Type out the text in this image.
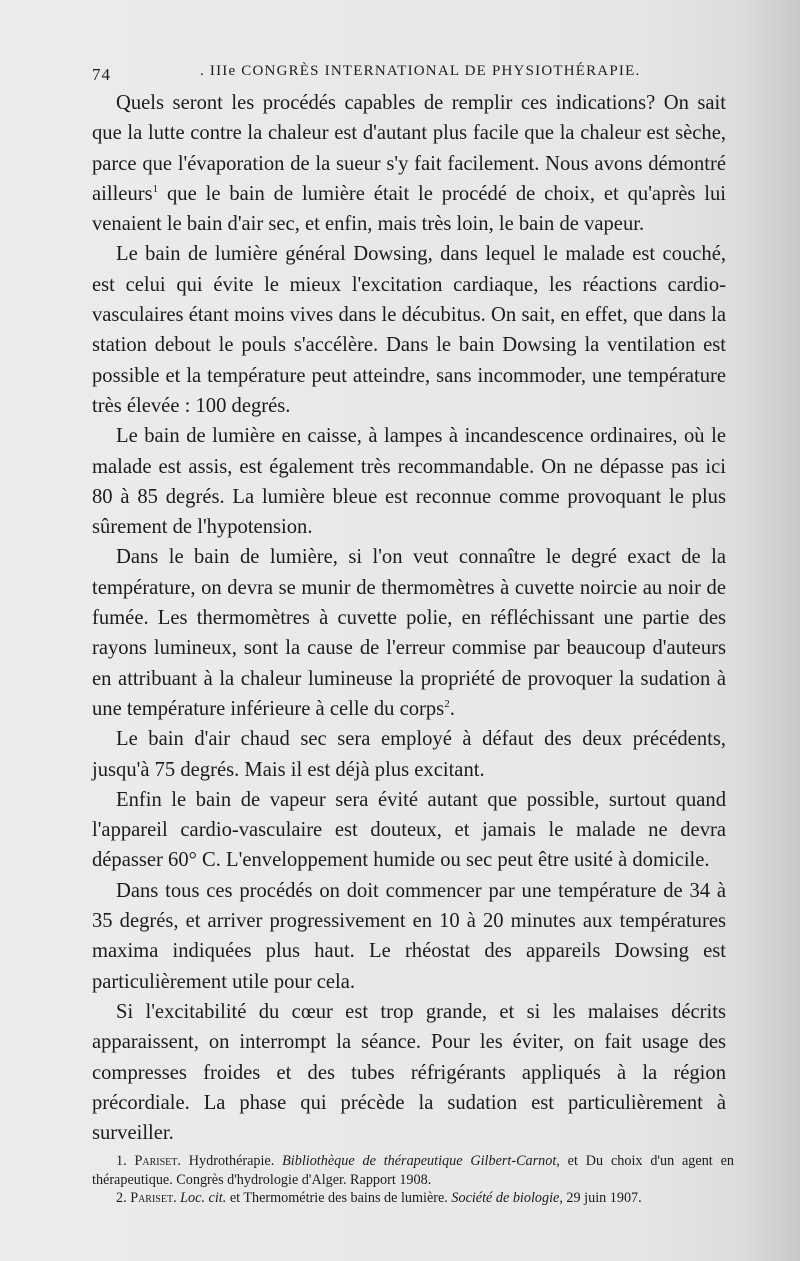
74	. IIIe CONGRÈS INTERNATIONAL DE PHYSIOTHÉRAPIE.

Quels seront les procédés capables de remplir ces indications? On sait que la lutte contre la chaleur est d'autant plus facile que la chaleur est sèche, parce que l'évaporation de la sueur s'y fait facilement. Nous avons démontré ailleurs$^1$ que le bain de lumière était le procédé de choix, et qu'après lui venaient le bain d'air sec, et enfin, mais très loin, le bain de vapeur.

Le bain de lumière général Dowsing, dans lequel le malade est couché, est celui qui évite le mieux l'excitation cardiaque, les réactions cardio-vasculaires étant moins vives dans le décubitus. On sait, en effet, que dans la station debout le pouls s'accélère. Dans le bain Dowsing la ventilation est possible et la température peut atteindre, sans incommoder, une température très élevée : 100 degrés.

Le bain de lumière en caisse, à lampes à incandescence ordinaires, où le malade est assis, est également très recommandable. On ne dépasse pas ici 80 à 85 degrés. La lumière bleue est reconnue comme provoquant le plus sûrement de l'hypotension.

Dans le bain de lumière, si l'on veut connaître le degré exact de la température, on devra se munir de thermomètres à cuvette noircie au noir de fumée. Les thermomètres à cuvette polie, en réfléchissant une partie des rayons lumineux, sont la cause de l'erreur commise par beaucoup d'auteurs en attribuant à la chaleur lumineuse la propriété de provoquer la sudation à une température inférieure à celle du corps$^2$.

Le bain d'air chaud sec sera employé à défaut des deux précédents, jusqu'à 75 degrés. Mais il est déjà plus excitant.

Enfin le bain de vapeur sera évité autant que possible, surtout quand l'appareil cardio-vasculaire est douteux, et jamais le malade ne devra dépasser 60° C. L'enveloppement humide ou sec peut être usité à domicile.

Dans tous ces procédés on doit commencer par une température de 34 à 35 degrés, et arriver progressivement en 10 à 20 minutes aux températures maxima indiquées plus haut. Le rhéostat des appareils Dowsing est particulièrement utile pour cela.

Si l'excitabilité du cœur est trop grande, et si les malaises décrits apparaissent, on interrompt la séance. Pour les éviter, on fait usage des compresses froides et des tubes réfrigérants appliqués à la région précordiale. La phase qui précède la sudation est particulièrement à surveiller.

1. Pariset. Hydrothérapie. Bibliothèque de thérapeutique Gilbert-Carnot, et Du choix d'un agent en thérapeutique. Congrès d'hydrologie d'Alger. Rapport 1908.

2. Pariset. Loc. cit. et Thermométrie des bains de lumière. Société de biologie, 29 juin 1907.
